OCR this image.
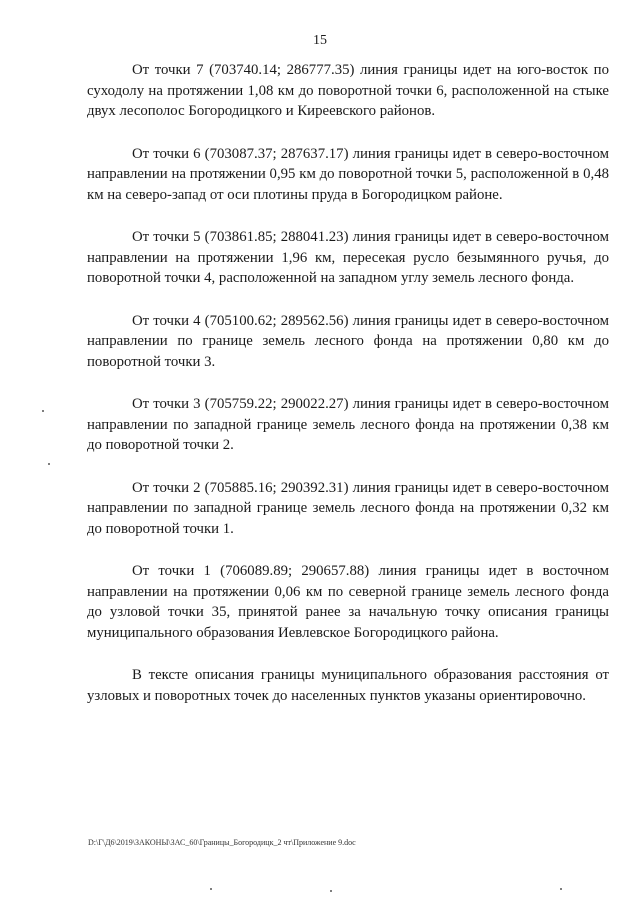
15

От точки 7 (703740.14; 286777.35) линия границы идет на юго-восток по суходолу на протяжении 1,08 км до поворотной точки 6, расположенной на стыке двух лесополос Богородицкого и Киреевского районов.

От точки 6 (703087.37; 287637.17) линия границы идет в северо-восточном направлении на протяжении 0,95 км до поворотной точки 5, расположенной в 0,48 км на северо-запад от оси плотины пруда в Богородицком районе.

От точки 5 (703861.85; 288041.23) линия границы идет в северо-восточном направлении на протяжении 1,96 км, пересекая русло безымянного ручья, до поворотной точки 4, расположенной на западном углу земель лесного фонда.

От точки 4 (705100.62; 289562.56) линия границы идет в северо-восточном направлении по границе земель лесного фонда на протяжении 0,80 км до поворотной точки 3.

От точки 3 (705759.22; 290022.27) линия границы идет в северо-восточном направлении по западной границе земель лесного фонда на протяжении 0,38 км до поворотной точки 2.

От точки 2 (705885.16; 290392.31) линия границы идет в северо-восточном направлении по западной границе земель лесного фонда на протяжении 0,32 км до поворотной точки 1.

От точки 1 (706089.89; 290657.88) линия границы идет в восточном направлении на протяжении 0,06 км по северной границе земель лесного фонда до узловой точки 35, принятой ранее за начальную точку описания границы муниципального образования Иевлевское Богородицкого района.

В тексте описания границы муниципального образования расстояния от узловых и поворотных точек до населенных пунктов указаны ориентировочно.

D:\Г\Д6\2019\ЗАКОНЫ\ЗАС_60\Границы_Богородицк_2 чт\Приложение 9.doc
